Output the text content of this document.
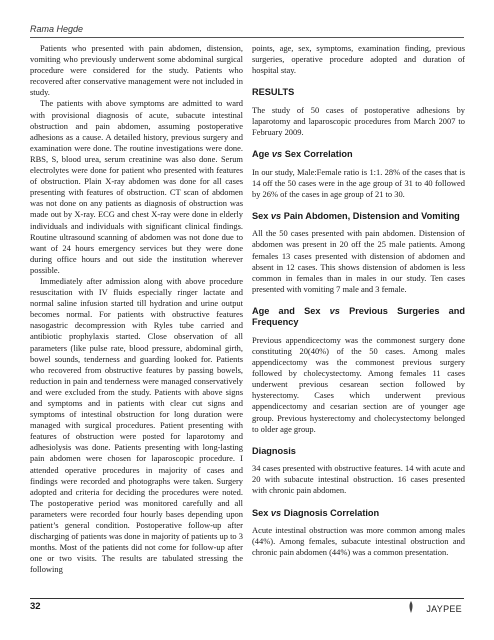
Rama Hegde

Patients who presented with pain abdomen, distension, vomiting who previously underwent some abdominal surgical procedure were considered for the study. Patients who recovered after conservative management were not included in study.

The patients with above symptoms are admitted to ward with provisional diagnosis of acute, subacute intestinal obstruction and pain abdomen, assuming postoperative adhesions as a cause. A detailed history, previous surgery and examination were done. The routine investigations were done. RBS, S, blood urea, serum creatinine was also done. Serum electrolytes were done for patient who presented with features of obstruction. Plain X-ray abdomen was done for all cases presenting with features of obstruction. CT scan of abdomen was not done on any patients as diagnosis of obstruction was made out by X-ray. ECG and chest X-ray were done in elderly individuals and individuals with significant clinical findings. Routine ultrasound scanning of abdomen was not done due to want of 24 hours emergency services but they were done during office hours and out side the institution wherever possible.

Immediately after admission along with above procedure resuscitation with IV fluids especially ringer lactate and normal saline infusion started till hydration and urine output becomes normal. For patients with obstructive features nasogastric decompression with Ryles tube carried and antibiotic prophylaxis started. Close observation of all parameters (like pulse rate, blood pressure, abdominal girth, bowel sounds, tenderness and guarding looked for. Patients who recovered from obstructive features by passing bowels, reduction in pain and tenderness were managed conservatively and were excluded from the study. Patients with above signs and symptoms and in patients with clear cut signs and symptoms of intestinal obstruction for long duration were managed with surgical procedures. Patient presenting with features of obstruction were posted for laparotomy and adhesiolysis was done. Patients presenting with long-lasting pain abdomen were chosen for laparoscopic procedure. I attended operative procedures in majority of cases and findings were recorded and photographs were taken. Surgery adopted and criteria for deciding the procedures were noted. The postoperative period was monitored carefully and all parameters were recorded four hourly bases depending upon patient’s general condition. Postoperative follow-up after discharging of patients was done in majority of patients up to 3 months. Most of the patients did not come for follow-up after one or two visits. The results are tabulated stressing the following

points, age, sex, symptoms, examination finding, previous surgeries, operative procedure adopted and duration of hospital stay.

RESULTS

The study of 50 cases of postoperative adhesions by laparotomy and laparoscopic procedures from March 2007 to February 2009.

Age vs Sex Correlation

In our study, Male:Female ratio is 1:1. 28% of the cases that is 14 off the 50 cases were in the age group of 31 to 40 followed by 26% of the cases in age group of 21 to 30.

Sex vs Pain Abdomen, Distension and Vomiting

All the 50 cases presented with pain abdomen. Distension of abdomen was present in 20 off the 25 male patients. Among females 13 cases presented with distension of abdomen and absent in 12 cases. This shows distension of abdomen is less common in females than in males in our study. Ten cases presented with vomiting 7 male and 3 female.

Age and Sex vs Previous Surgeries and Frequency

Previous appendicectomy was the commonest surgery done constituting 20(40%) of the 50 cases. Among males appendicectomy was the commonest previous surgery followed by cholecystectomy. Among females 11 cases underwent previous cesarean section followed by hysterectomy. Cases which underwent previous appendicectomy and cesarian section are of younger age group. Previous hysterectomy and cholecystectomy belonged to older age group.

Diagnosis

34 cases presented with obstructive features. 14 with acute and 20 with subacute intestinal obstruction. 16 cases presented with chronic pain abdomen.

Sex vs Diagnosis Correlation

Acute intestinal obstruction was more common among males (44%). Among females, subacute intestinal obstruction and chronic pain abdomen (44%) was a common presentation.

32	JAYPEE
